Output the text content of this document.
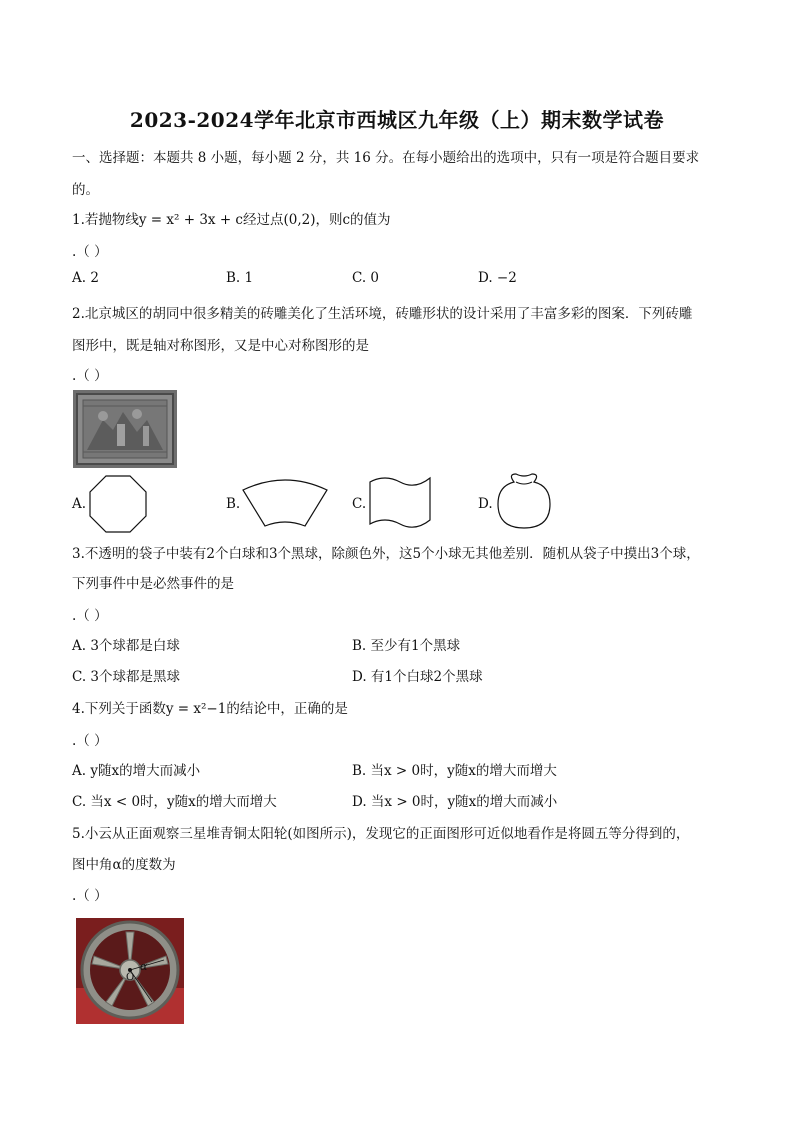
2023-2024学年北京市西城区九年级（上）期末数学试卷
一、选择题：本题共 8 小题，每小题 2 分，共 16 分。在每小题给出的选项中，只有一项是符合题目要求
的。
1.若抛物线y = x² + 3x + c经过点(0,2)，则c的值为
.（ ）
A. 2	B. 1	C. 0	D. −2
2.北京城区的胡同中很多精美的砖雕美化了生活环境，砖雕形状的设计采用了丰富多彩的图案．下列砖雕
图形中，既是轴对称图形，又是中心对称图形的是
.（ ）
A.	B.	C.	D.
3.不透明的袋子中装有2个白球和3个黑球，除颜色外，这5个小球无其他差别．随机从袋子中摸出3个球，
下列事件中是必然事件的是
.（ ）
A. 3个球都是白球	B. 至少有1个黑球
C. 3个球都是黑球	D. 有1个白球2个黑球
4.下列关于函数y = x²−1的结论中，正确的是
.（ ）
A. y随x的增大而减小	B. 当x > 0时，y随x的增大而增大
C. 当x < 0时，y随x的增大而增大	D. 当x > 0时，y随x的增大而减小
5.小云从正面观察三星堆青铜太阳轮(如图所示)，发现它的正面图形可近似地看作是将圆五等分得到的，
图中角α的度数为
.（ ）
α
O
